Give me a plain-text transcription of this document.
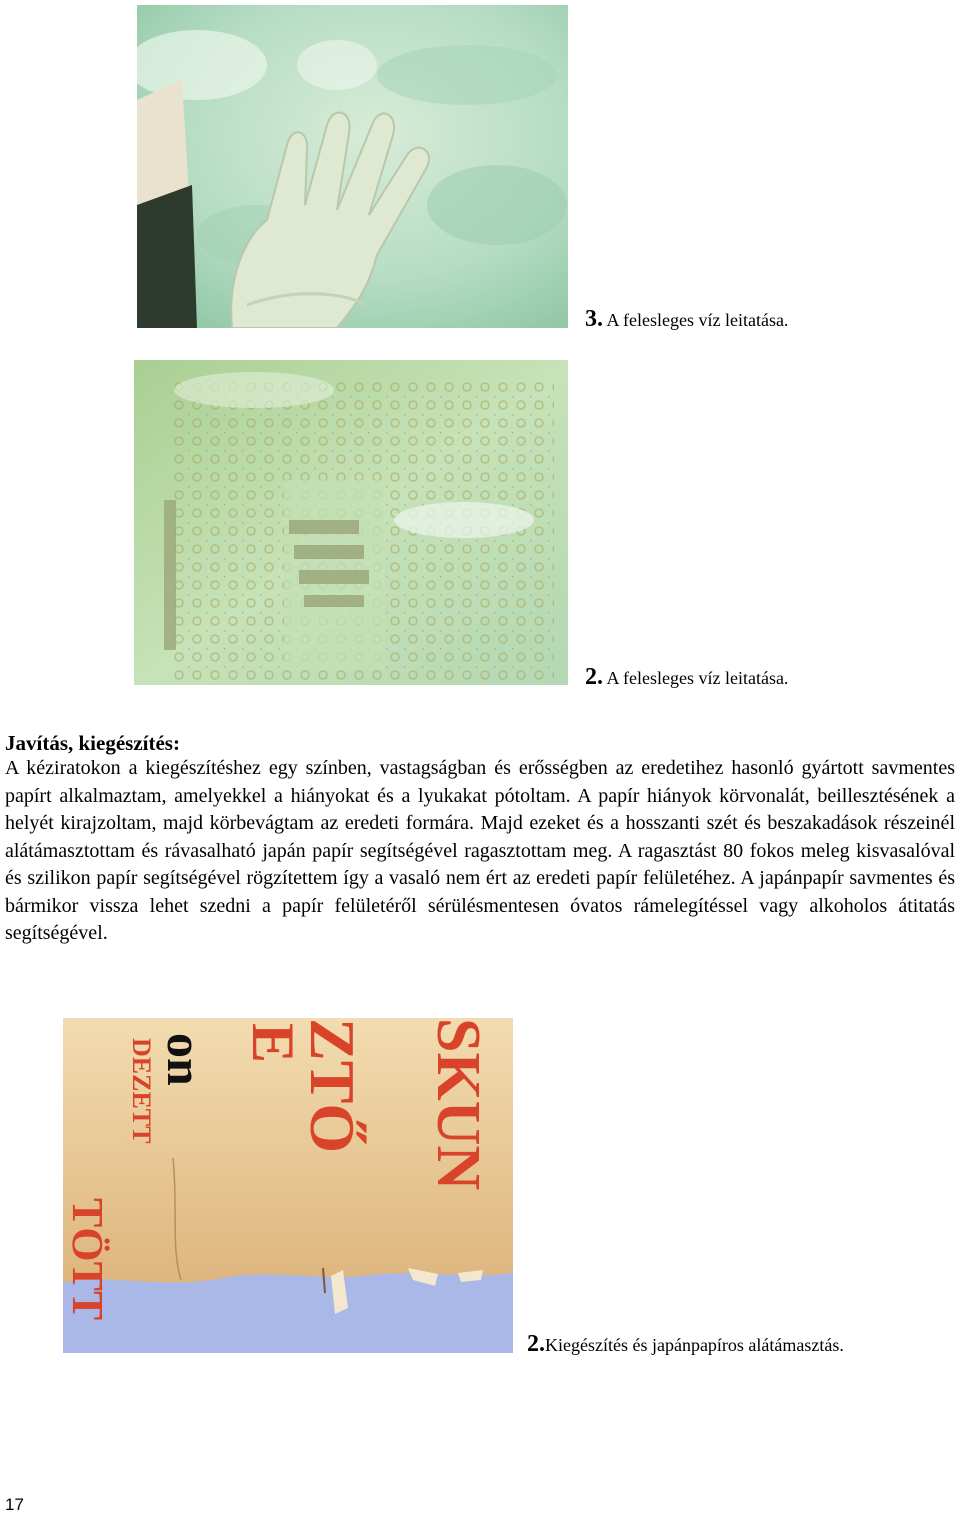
3. A felesleges víz leitatása.
2. A felesleges víz leitatása.
Javítás, kiegészítés:

A kéziratokon a kiegészítéshez egy színben, vastagságban és erősségben az eredetihez hasonló gyártott savmentes papírt alkalmaztam, amelyekkel a hiányokat és a lyukakat pótoltam. A papír hiányok körvonalát, beillesztésének a helyét kirajzoltam, majd körbevágtam az eredeti formára. Majd ezeket és a hosszanti szét és beszakadások részeinél alátámasztottam és rávasalható japán papír segítségével ragasztottam meg. A ragasztást 80 fokos meleg kisvasalóval és szilikon papír segítségével rögzítettem így a vasaló nem ért az eredeti papír felületéhez. A japánpapír savmentes és bármikor vissza lehet szedni a papír felületéről sérülésmentesen óvatos rámelegítéssel vagy alkoholos átitatás segítségével.

TÖTT
DEZETT ZTŐ
E SKUN
on
2.Kiegészítés és japánpapíros alátámasztás.
17
